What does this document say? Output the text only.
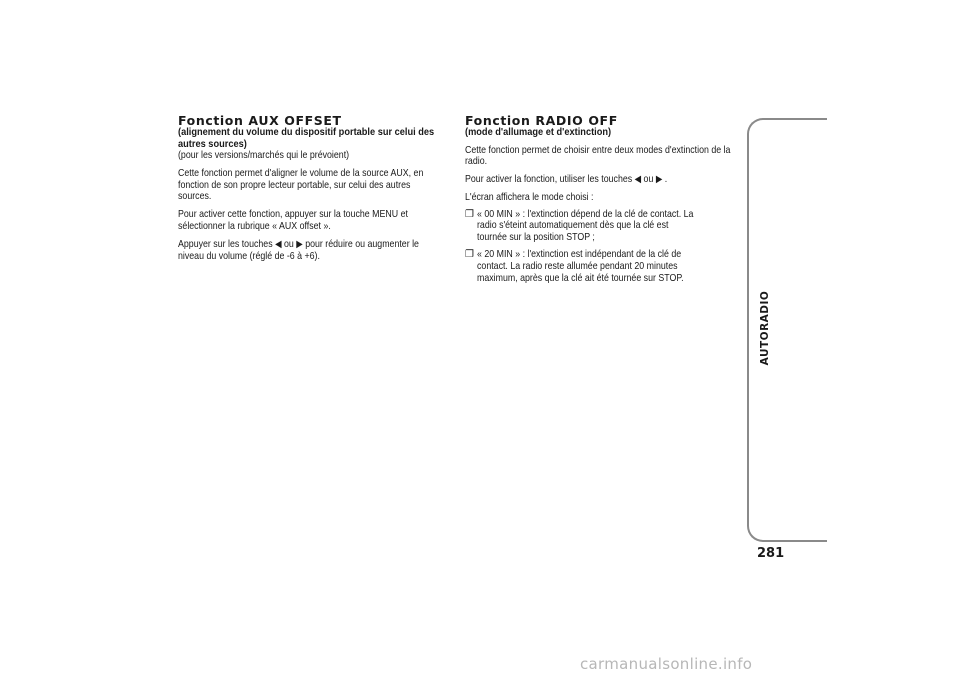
Fonction AUX OFFSET
(alignement du volume du dispositif portable sur celui des autres sources)

(pour les versions/marchés qui le prévoient)

Cette fonction permet d'aligner le volume de la source AUX, en fonction de son propre lecteur portable, sur celui des autres sources.

Pour activer cette fonction, appuyer sur la touche MENU et sélectionner la rubrique « AUX offset ».

Appuyer sur les touches ◀ ou ▶ pour réduire ou augmenter le niveau du volume (réglé de -6 à +6).

Fonction RADIO OFF
(mode d'allumage et d'extinction)

Cette fonction permet de choisir entre deux modes d'extinction de la radio.

Pour activer la fonction, utiliser les touches ◀ ou ▶ .

L'écran affichera le mode choisi :

❐ « 00 MIN » : l'extinction dépend de la clé de contact. La radio s'éteint automatiquement dès que la clé est tournée sur la position STOP ;

❐ « 20 MIN » : l'extinction est indépendant de la clé de contact. La radio reste allumée pendant 20 minutes maximum, après que la clé ait été tournée sur STOP.

AUTORADIO
281
carmanualsonline.info
